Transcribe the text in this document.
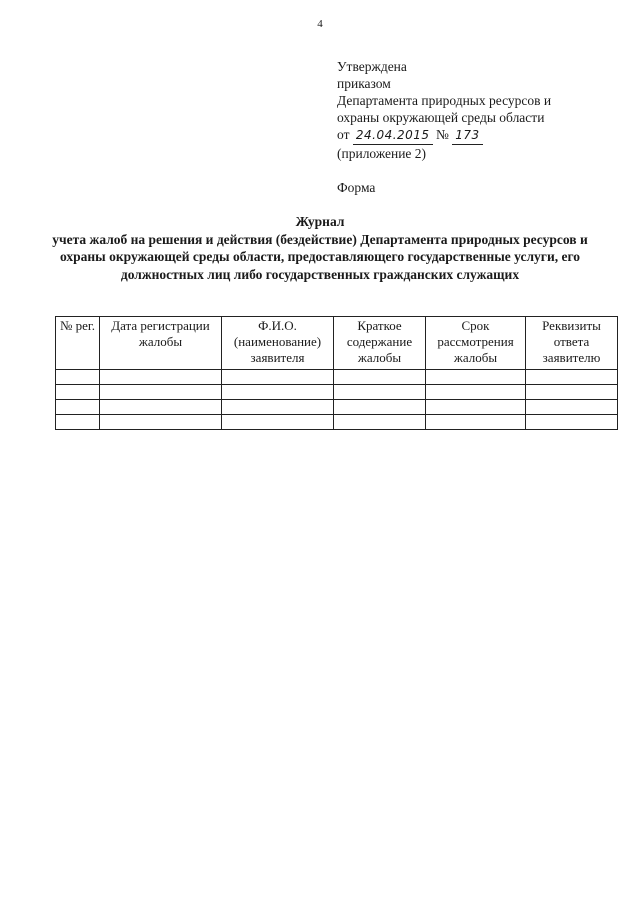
4
Утверждена
приказом
Департамента природных ресурсов и
охраны окружающей среды области
от 24.04.2015 № 173
(приложение 2)
Форма
Журнал
учета жалоб на решения и действия (бездействие) Департамента природных ресурсов и охраны окружающей среды области, предоставляющего государственные услуги, его должностных лиц либо государственных гражданских служащих
№ рег.	Дата регистрации жалобы	Ф.И.О. (наименование) заявителя	Краткое содержание жалобы	Срок рассмотрения жалобы	Реквизиты ответа заявителю
